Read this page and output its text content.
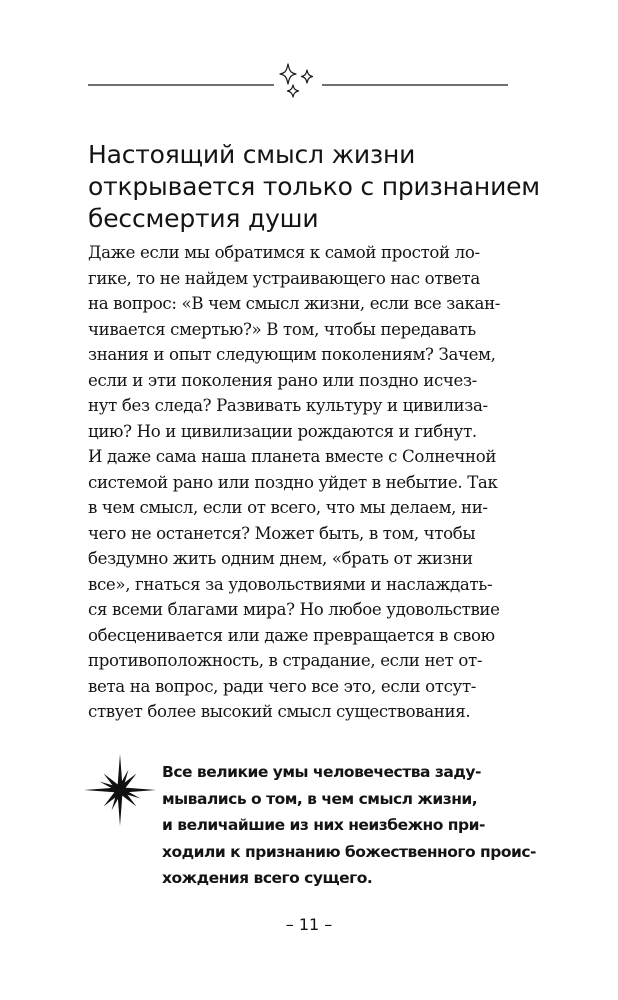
Настоящий смысл жизни
открывается только с признанием
бессмертия души
Даже если мы обратимся к самой простой ло-
гике, то не найдем устраивающего нас ответа
на вопрос: «В чем смысл жизни, если все закан-
чивается смертью?» В том, чтобы передавать
знания и опыт следующим поколениям? Зачем,
если и эти поколения рано или поздно исчез-
нут без следа? Развивать культуру и цивилиза-
цию? Но и цивилизации рождаются и гибнут.
И даже сама наша планета вместе с Солнечной
системой рано или поздно уйдет в небытие. Так
в чем смысл, если от всего, что мы делаем, ни-
чего не останется? Может быть, в том, чтобы
бездумно жить одним днем, «брать от жизни
все», гнаться за удовольствиями и наслаждать-
ся всеми благами мира? Но любое удовольствие
обесценивается или даже превращается в свою
противоположность, в страдание, если нет от-
вета на вопрос, ради чего все это, если отсут-
ствует более высокий смысл существования.
Все великие умы человечества заду-
мывались о том, в чем смысл жизни,
и величайшие из них неизбежно при-
ходили к признанию божественного проис-
хождения всего сущего.
– 11 –
